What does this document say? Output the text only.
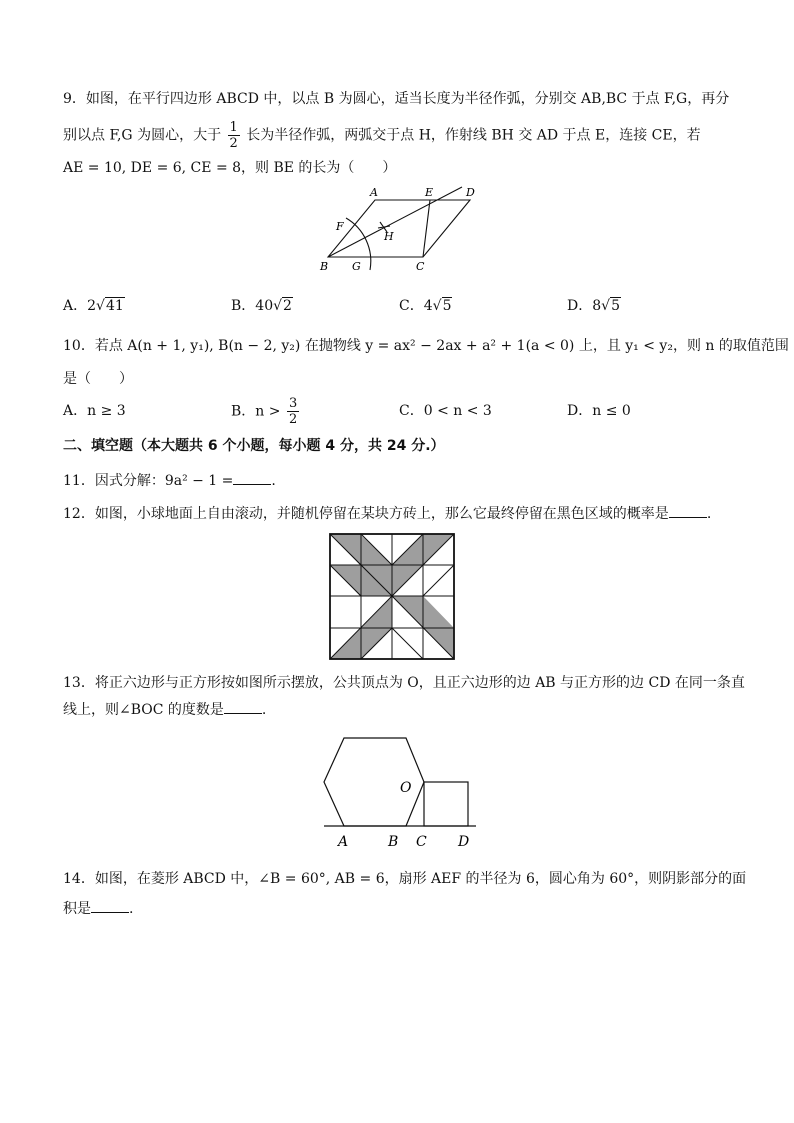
9．如图，在平行四边形 ABCD 中，以点 B 为圆心，适当长度为半径作弧，分别交 AB,BC 于点 F,G，再分
别以点 F,G 为圆心，大于 $\frac{1}{2}$ 长为半径作弧，两弧交于点 H，作射线 BH 交 AD 于点 E，连接 CE，若
AE = 10, DE = 6, CE = 8，则 BE 的长为（　　）
A	E	D
F
H
B G	C
A．2√41	B．40√2	C．4√5	D．8√5
10．若点 A(n + 1, y₁), B(n − 2, y₂) 在抛物线 y = ax² − 2ax + a² + 1(a < 0) 上，且 y₁ < y₂，则 n 的取值范围
是（　　）
A．n ≥ 3	B．$n > \frac{3}{2}$	C．0 < n < 3	D．n ≤ 0
二、填空题（本大题共 6 个小题，每小题 4 分，共 24 分.）
11．因式分解：9a² − 1 =	.
12．如图，小球地面上自由滚动，并随机停留在某块方砖上，那么它最终停留在黑色区域的概率是	.
13．将正六边形与正方形按如图所示摆放，公共顶点为 O，且正六边形的边 AB 与正方形的边 CD 在同一条直
线上，则∠BOC 的度数是	.
O
A	B C D
14．如图，在菱形 ABCD 中，∠B = 60°, AB = 6，扇形 AEF 的半径为 6，圆心角为 60°，则阴影部分的面
积是	.
